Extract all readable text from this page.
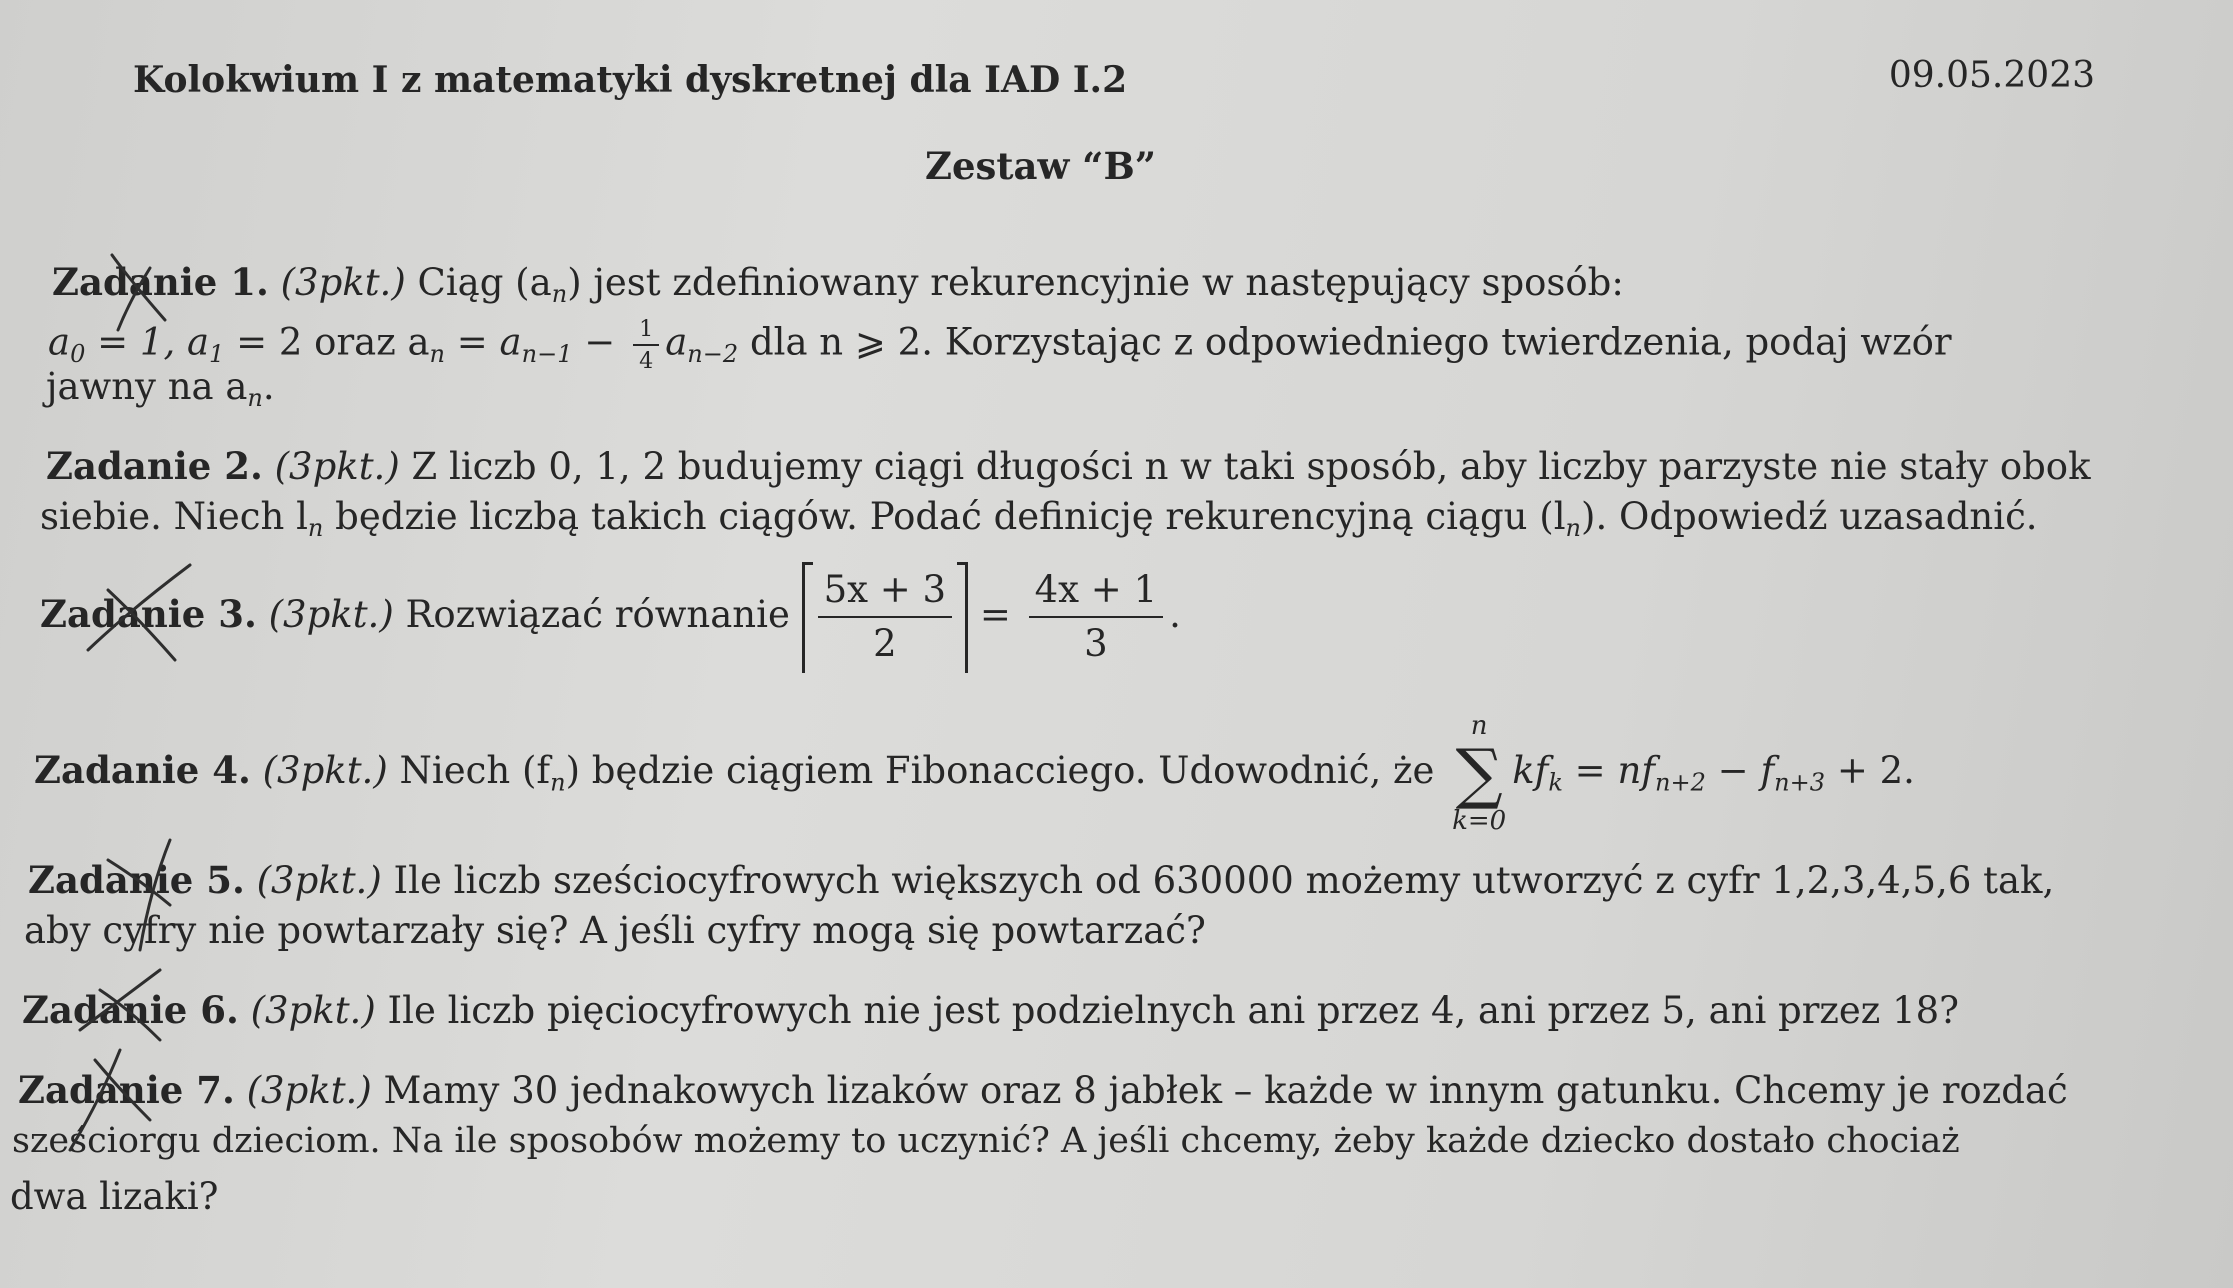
Kolokwium I z matematyki dyskretnej dla IAD I.2	09.05.2023
Zestaw “B”
Zadanie 1. (3pkt.) Ciąg $(a_n)$ jest zdefiniowany rekurencyjnie w następujący sposób:
$a_0 = 1$, $a_1 = 2$ oraz $a_n = a_{n-1} - \frac{1}{4} a_{n-2}$ dla n ⩾ 2. Korzystając z odpowiedniego twierdzenia, podaj wzór
jawny na $a_n$.
Zadanie 2. (3pkt.) Z liczb 0, 1, 2 budujemy ciągi długości n w taki sposób, aby liczby parzyste nie stały obok
siebie. Niech $l_n$ będzie liczbą takich ciągów. Podać definicję rekurencyjną ciągu $(l_n)$. Odpowiedź uzasadnić.
Zadanie 3. (3pkt.) Rozwiązać równanie $\frac{5x + 3}{2} = \frac{4x + 1}{3}$ .
Zadanie 4. (3pkt.) Niech $(f_n)$ będzie ciągiem Fibonacciego. Udowodnić, że
n
∑
k=0
$kf_k = nf_{n+2} - f_{n+3} + 2$.
Zadanie 5. (3pkt.) Ile liczb sześciocyfrowych większych od 630000 możemy utworzyć z cyfr 1,2,3,4,5,6 tak,
aby cyfry nie powtarzały się? A jeśli cyfry mogą się powtarzać?
Zadanie 6. (3pkt.) Ile liczb pięciocyfrowych nie jest podzielnych ani przez 4, ani przez 5, ani przez 18?
Zadanie 7. (3pkt.) Mamy 30 jednakowych lizaków oraz 8 jabłek – każde w innym gatunku. Chcemy je rozdać
sześciorgu dzieciom. Na ile sposobów możemy to uczynić? A jeśli chcemy, żeby każde dziecko dostało chociaż
dwa lizaki?
